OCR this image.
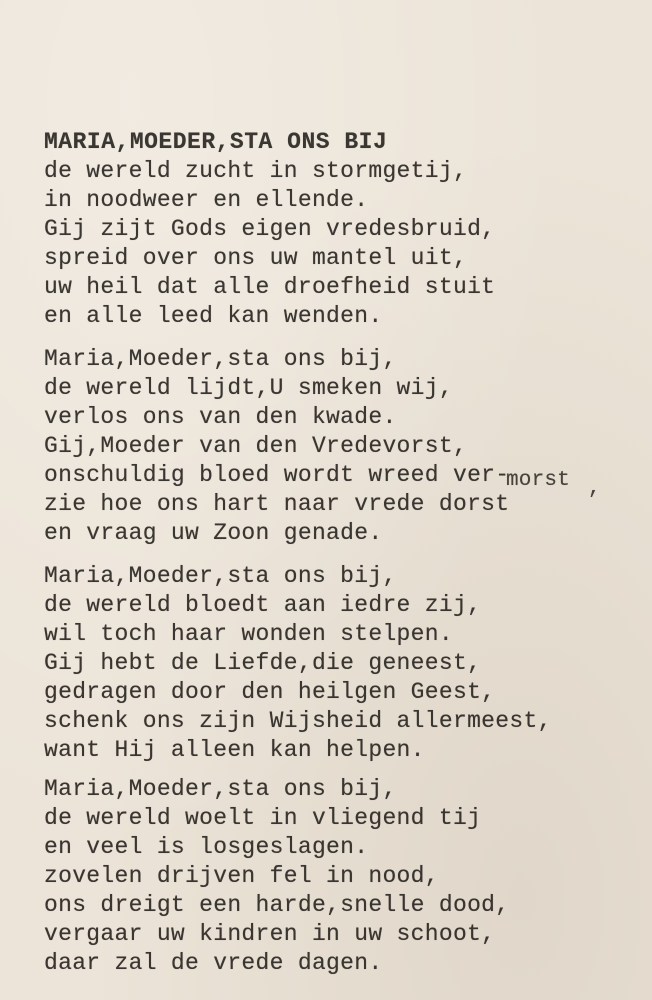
MARIA,MOEDER,STA ONS BIJ
de wereld zucht in stormgetij,
in noodweer en ellende.
Gij zijt Gods eigen vredesbruid,
spreid over ons uw mantel uit,
uw heil dat alle droefheid stuit
en alle leed kan wenden.
Maria,Moeder,sta ons bij,
de wereld lijdt,U smeken wij,
verlos ons van den kwade.
Gij,Moeder van den Vredevorst,
onschuldig bloed wordt wreed ver-
zie hoe ons hart naar vrede dorst
en vraag uw Zoon genade.
morst ,
Maria,Moeder,sta ons bij,
de wereld bloedt aan iedre zij,
wil toch haar wonden stelpen.
Gij hebt de Liefde,die geneest,
gedragen door den heilgen Geest,
schenk ons zijn Wijsheid allermeest,
want Hij alleen kan helpen.
Maria,Moeder,sta ons bij,
de wereld woelt in vliegend tij
en veel is losgeslagen.
zovelen drijven fel in nood,
ons dreigt een harde,snelle dood,
vergaar uw kindren in uw schoot,
daar zal de vrede dagen.
